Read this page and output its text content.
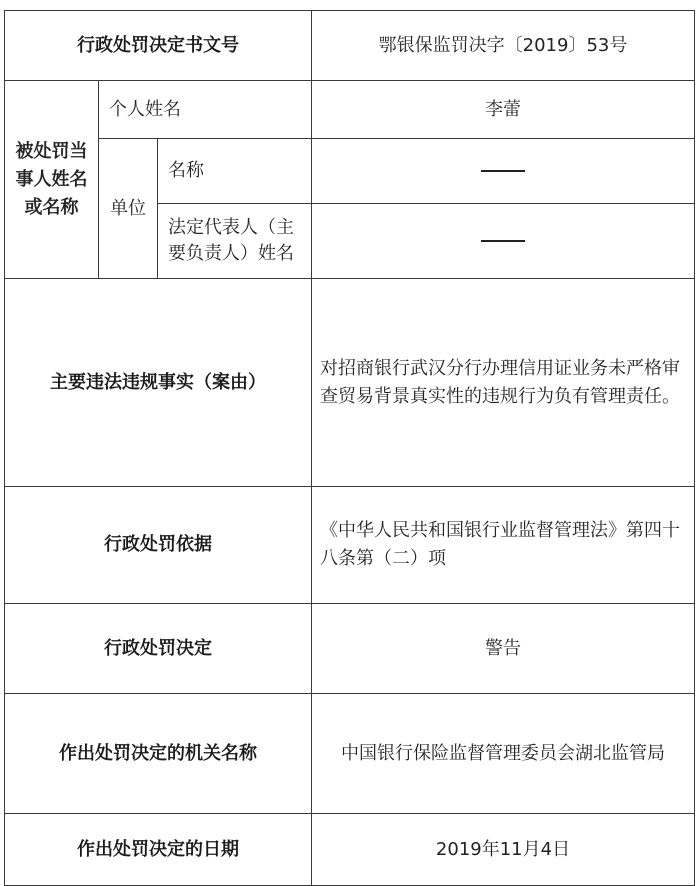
行政处罚决定书文号			鄂银保监罚决字〔2019〕53号
被处罚当事人姓名或名称	个人姓名		李蕾
	单位	名称	
		法定代表人（主要负责人）姓名	
主要违法违规事实（案由）			对招商银行武汉分行办理信用证业务未严格审查贸易背景真实性的违规行为负有管理责任。
行政处罚依据			《中华人民共和国银行业监督管理法》第四十八条第（二）项
行政处罚决定			警告
作出处罚决定的机关名称			中国银行保险监督管理委员会湖北监管局
作出处罚决定的日期			2019年11月4日
